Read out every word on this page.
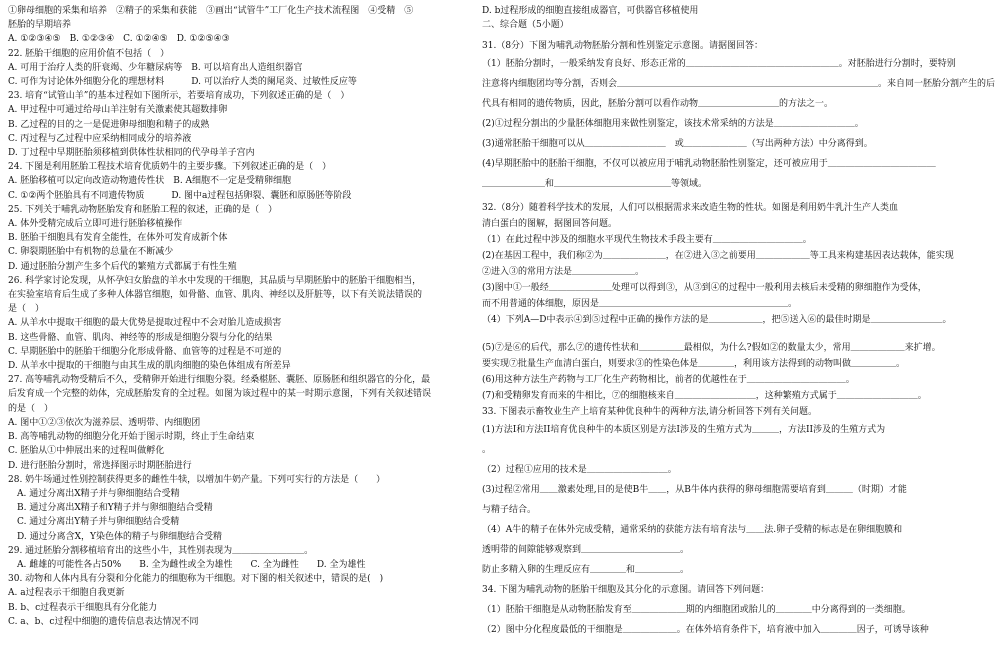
①卵母细胞的采集和培养　②精子的采集和获能　③画出“试管牛”工厂化生产技术流程图　④受精　⑤
胚胎的早期培养
A. ①②③④⑤　B. ①②③④　C. ①②④⑤　D. ①②⑤④③
22. 胚胎干细胞的应用价值不包括（　）
A. 可用于治疗人类的肝衰竭、少年糖尿病等　B. 可以培育出人造组织器官
C. 可作为讨论体外细胞分化的理想材料　　　D. 可以治疗人类的阑尾炎、过敏性反应等
23. 培育“试管山羊”的基本过程如下图所示，若要培育成功，下列叙述正确的是（　）
A. 甲过程中可通过给母山羊注射有关激素使其超数排卵
B. 乙过程的目的之一是促进卵母细胞和精子的成熟
C. 丙过程与乙过程中应采纳相同成分的培养液
D. 丁过程中早期胚胎须移植到供体性状相同的代孕母羊子宫内
24. 下图是利用胚胎工程技术培育优质奶牛的主要步骤。下列叙述正确的是（　）
A. 胚胎移植可以定向改造动物遗传性状　B. A细胞不一定是受精卵细胞
C. ①②两个胚胎具有不同遗传物质　　　D. 图中a过程包括卵裂、囊胚和原肠胚等阶段
25. 下列关于哺乳动物胚胎发育和胚胎工程的叙述，正确的是（　）
A. 体外受精完成后立即可进行胚胎移植操作
B. 胚胎干细胞具有发育全能性，在体外可发育成新个体
C. 卵裂期胚胎中有机物的总量在不断减少
D. 通过胚胎分割产生多个后代的繁殖方式都属于有性生殖
26. 科学家讨论发现，从怀孕妇女胎盘的羊水中发现的干细胞，其品质与早期胚胎中的胚胎干细胞相当，
在实验室培育后生成了多种人体器官细胞，如骨骼、血管、肌肉、神经以及肝脏等，以下有关说法错误的
是（　）
A. 从羊水中提取干细胞的最大优势是提取过程中不会对胎儿造成损害
B. 这些骨骼、血管、肌肉、神经等的形成是细胞分裂与分化的结果
C. 早期胚胎中的胚胎干细胞分化形成骨骼、血管等的过程是不可逆的
D. 从羊水中提取的干细胞与由其生成的肌肉细胞的染色体组成有所差异
27. 高等哺乳动物受精后不久，受精卵开始进行细胞分裂。经桑椹胚、囊胚、原肠胚和组织器官的分化，最
后发育成一个完整的幼体，完成胚胎发育的全过程。如图为该过程中的某一时期示意图，下列有关叙述错误
的是（　）
A. 图中①②③依次为滋养层、透明带、内细胞团
B. 高等哺乳动物的细胞分化开始于图示时期，终止于生命结束
C. 胚胎从①中伸展出来的过程叫做孵化
D. 进行胚胎分割时，常选择图示时期胚胎进行
28. 奶牛场通过性别控制获得更多的雌性牛犊，以增加牛奶产量。下列可实行的方法是（　　）
　A. 通过分离出X精子并与卵细胞结合受精
　B. 通过分离出X精子和Y精子并与卵细胞结合受精
　C. 通过分离出Y精子并与卵细胞结合受精
　D. 通过分离含X，Y染色体的精子与卵细胞结合受精
29. 通过胚胎分割移植培育出的这些小牛，其性别表现为＿＿＿＿＿＿＿＿。
　A. 雌雄的可能性各占50%　　B. 全为雌性或全为雄性　　C. 全为雌性　　D. 全为雄性
30. 动物和人体内具有分裂和分化能力的细胞称为干细胞。对下图的相关叙述中，错误的是(　)
A. a过程表示干细胞自我更新
B. b、c过程表示干细胞具有分化能力
C. a、b、c过程中细胞的遗传信息表达情况不同
D. b过程形成的细胞直接组成器官，可供器官移植使用
二、综合题（5小题）
31.（8分）下图为哺乳动物胚胎分割和性别鉴定示意图。请据图回答：
（1）胚胎分割时，一般采纳发育良好、形态正常的＿＿＿＿＿＿＿＿＿＿＿＿＿＿＿＿＿。对胚胎进行分割时，要特别
注意将内细胞团均等分割，否则会＿＿＿＿＿＿＿＿＿＿＿＿＿＿＿＿＿＿＿＿＿＿＿＿＿＿＿＿＿。来自同一胚胎分割产生的后
代具有相同的遗传物质，因此，胚胎分割可以看作动物＿＿＿＿＿＿＿＿＿的方法之一。
(2)①过程分割出的少量胚体细胞用来做性别鉴定，该技术常采纳的方法是＿＿＿＿＿＿＿＿＿。
(3)通常胚胎干细胞可以从＿＿＿＿＿＿＿＿＿　或＿＿＿＿＿＿＿（写出两种方法）中分离得到。
(4)早期胚胎中的胚胎干细胞，不仅可以被应用于哺乳动物胚胎性别鉴定，还可被应用于＿＿＿＿＿＿＿＿＿＿＿＿
＿＿＿＿＿＿＿和＿＿＿＿＿＿＿＿＿＿＿＿＿等领域。
32.（8分）随着科学技术的发展，人们可以根据需求来改造生物的性状。如图是利用奶牛乳汁生产人类血
清白蛋白的图解，据图回答问题。
（1）在此过程中涉及的细胞水平现代生物技术手段主要有＿＿＿＿＿＿＿＿＿＿。
(2)在基因工程中，我们称②为＿＿＿＿＿＿＿，在②进入③之前要用＿＿＿＿＿＿等工具来构建基因表达载体，能实现
②进入③的常用方法是＿＿＿＿＿＿＿。
(3)图中①一般经＿＿＿＿＿＿＿处理可以得到③，从③到④的过程中一般利用去核后未受精的卵细胞作为受体，
而不用普通的体细胞，原因是＿＿＿＿＿＿＿＿＿＿＿＿＿＿＿＿＿＿＿＿＿。
（4）下列A—D中表示④到⑤过程中正确的操作方法的是＿＿＿＿＿＿，把⑤送入⑥的最佳时期是＿＿＿＿＿＿＿＿。
(5)⑦是⑥的后代，那么⑦的遗传性状和＿＿＿＿＿最相似，为什么?假如②的数量太少，常用＿＿＿＿＿＿来扩增。
要实现⑦批量生产血清白蛋白，则要求③的性染色体是＿＿＿＿，利用该方法得到的动物叫做＿＿＿＿＿。
(6)用这种方法生产药物与工厂化生产药物相比，前者的优越性在于＿＿＿＿＿＿＿＿＿＿＿。
(7)和受精卵发育而来的牛相比，⑦的细胞核来自＿＿＿＿＿＿＿＿＿，这种繁殖方式属于＿＿＿＿＿＿＿＿＿。
33. 下图表示畜牧业生产上培育某种优良种牛的两种方法,请分析回答下列有关问题。
(1)方法I和方法II培育优良种牛的本质区别是方法I涉及的生殖方式为＿＿＿，方法II涉及的生殖方式为
。
（2）过程①应用的技术是＿＿＿＿＿＿＿＿＿。
(3)过程②常用＿＿激素处理,目的是使B牛＿＿，从B牛体内获得的卵母细胞需要培育到＿＿＿（时期）才能
与精子结合。
（4）A牛的精子在体外完成受精，通常采纳的获能方法有培育法与＿＿法.卵子受精的标志是在卵细胞膜和
透明带的间隙能够观察到＿＿＿＿＿＿＿＿＿＿＿。
防止多精入卵的生理反应有＿＿＿＿和＿＿＿＿＿。
34. 下图为哺乳动物的胚胎干细胞及其分化的示意图。请回答下列问题：
（1）胚胎干细胞是从动物胚胎发育至＿＿＿＿＿＿期的内细胞团或胎儿的＿＿＿＿中分离得到的一类细胞。
（2）图中分化程度最低的干细胞是＿＿＿＿＿＿。在体外培育条件下，培育液中加入＿＿＿＿因子，可诱导该种
